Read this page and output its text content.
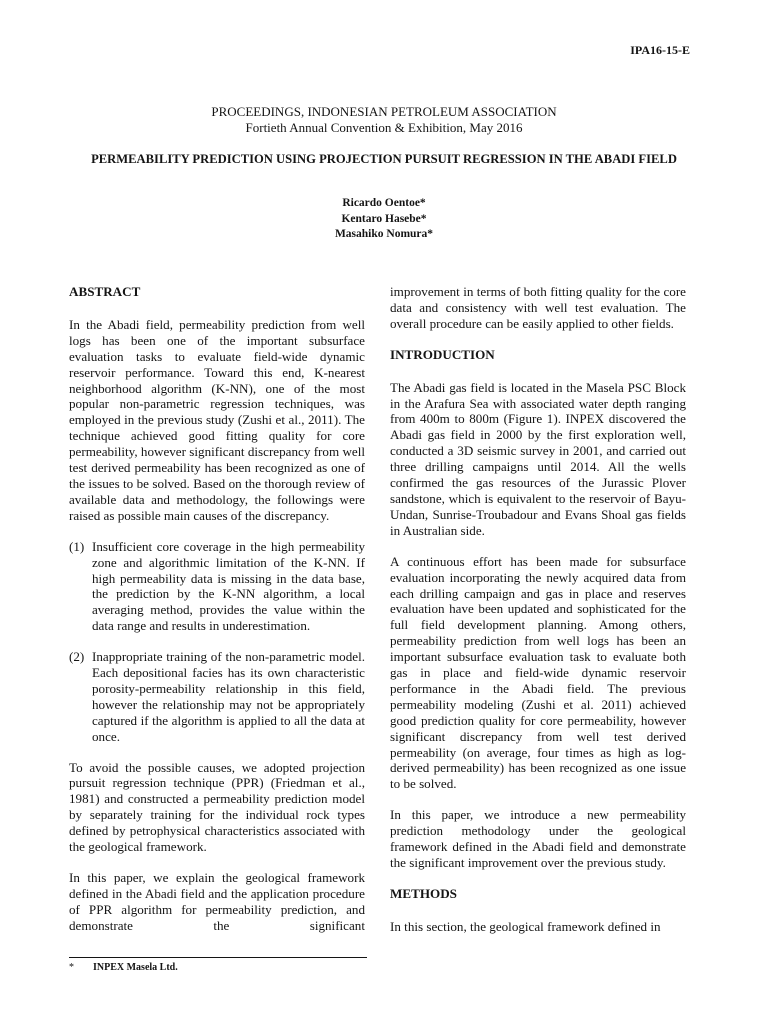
IPA16-15-E
PROCEEDINGS, INDONESIAN PETROLEUM ASSOCIATION
Fortieth Annual Convention & Exhibition, May 2016
PERMEABILITY PREDICTION USING PROJECTION PURSUIT REGRESSION IN THE ABADI FIELD
Ricardo Oentoe*
Kentaro Hasebe*
Masahiko Nomura*
ABSTRACT
In the Abadi field, permeability prediction from well logs has been one of the important subsurface evaluation tasks to evaluate field-wide dynamic reservoir performance. Toward this end, K-nearest neighborhood algorithm (K-NN), one of the most popular non-parametric regression techniques, was employed in the previous study (Zushi et al., 2011). The technique achieved good fitting quality for core permeability, however significant discrepancy from well test derived permeability has been recognized as one of the issues to be solved. Based on the thorough review of available data and methodology, the followings were raised as possible main causes of the discrepancy.
(1) Insufficient core coverage in the high permeability zone and algorithmic limitation of the K-NN. If high permeability data is missing in the data base, the prediction by the K-NN algorithm, a local averaging method, provides the value within the data range and results in underestimation.
(2) Inappropriate training of the non-parametric model. Each depositional facies has its own characteristic porosity-permeability relationship in this field, however the relationship may not be appropriately captured if the algorithm is applied to all the data at once.
To avoid the possible causes, we adopted projection pursuit regression technique (PPR) (Friedman et al., 1981) and constructed a permeability prediction model by separately training for the individual rock types defined by petrophysical characteristics associated with the geological framework.
In this paper, we explain the geological framework defined in the Abadi field and the application procedure of PPR algorithm for permeability prediction, and demonstrate the significant
improvement in terms of both fitting quality for the core data and consistency with well test evaluation. The overall procedure can be easily applied to other fields.
INTRODUCTION
The Abadi gas field is located in the Masela PSC Block in the Arafura Sea with associated water depth ranging from 400m to 800m (Figure 1). INPEX discovered the Abadi gas field in 2000 by the first exploration well, conducted a 3D seismic survey in 2001, and carried out three drilling campaigns until 2014. All the wells confirmed the gas resources of the Jurassic Plover sandstone, which is equivalent to the reservoir of Bayu-Undan, Sunrise-Troubadour and Evans Shoal gas fields in Australian side.
A continuous effort has been made for subsurface evaluation incorporating the newly acquired data from each drilling campaign and gas in place and reserves evaluation have been updated and sophisticated for the full field development planning. Among others, permeability prediction from well logs has been an important subsurface evaluation task to evaluate both gas in place and field-wide dynamic reservoir performance in the Abadi field. The previous permeability modeling (Zushi et al. 2011) achieved good prediction quality for core permeability, however significant discrepancy from well test derived permeability (on average, four times as high as log-derived permeability) has been recognized as one issue to be solved.
In this paper, we introduce a new permeability prediction methodology under the geological framework defined in the Abadi field and demonstrate the significant improvement over the previous study.
METHODS
In this section, the geological framework defined in
* INPEX Masela Ltd.
